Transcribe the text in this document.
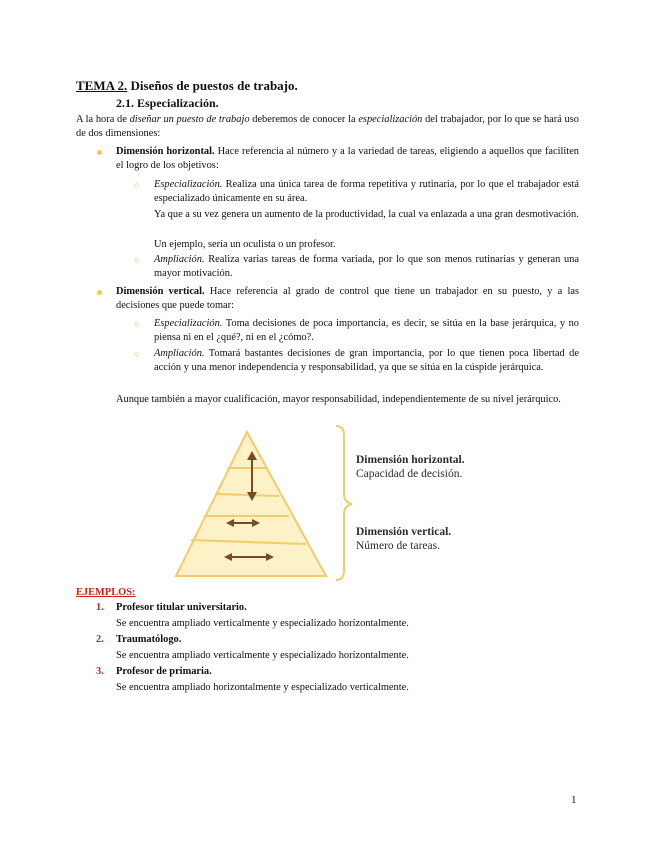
TEMA 2. Diseños de puestos de trabajo.
2.1. Especialización.
A la hora de diseñar un puesto de trabajo deberemos de conocer la especialización del trabajador, por lo que se hará uso de dos dimensiones:
Dimensión horizontal. Hace referencia al número y a la variedad de tareas, eligiendo a aquellos que faciliten el logro de los objetivos:
○ Especialización. Realiza una única tarea de forma repetitiva y rutinaria, por lo que el trabajador está especializado únicamente en su área.
Ya que a su vez genera un aumento de la productividad, la cual va enlazada a una gran desmotivación.
Un ejemplo, sería un oculista o un profesor.
○ Ampliación. Realiza varias tareas de forma variada, por lo que son menos rutinarias y generan una mayor motivación.
Dimensión vertical. Hace referencia al grado de control que tiene un trabajador en su puesto, y a las decisiones que puede tomar:
○ Especialización. Toma decisiones de poca importancia, es decir, se sitúa en la base jerárquica, y no piensa ni en el ¿qué?, ni en el ¿cómo?.
○ Ampliación. Tomará bastantes decisiones de gran importancia, por lo que tienen poca libertad de acción y una menor independencia y responsabilidad, ya que se sitúa en la cúspide jerárquica.
Aunque también a mayor cualificación, mayor responsabilidad, independientemente de su nivel jerárquico.
Dimensión horizontal.
Capacidad de decisión.
Dimensión vertical.
Número de tareas.
EJEMPLOS:
1. Profesor titular universitario.
Se encuentra ampliado verticalmente y especializado horizontalmente.
2. Traumatólogo.
Se encuentra ampliado verticalmente y especializado horizontalmente.
3. Profesor de primaria.
Se encuentra ampliado horizontalmente y especializado verticalmente.
1
